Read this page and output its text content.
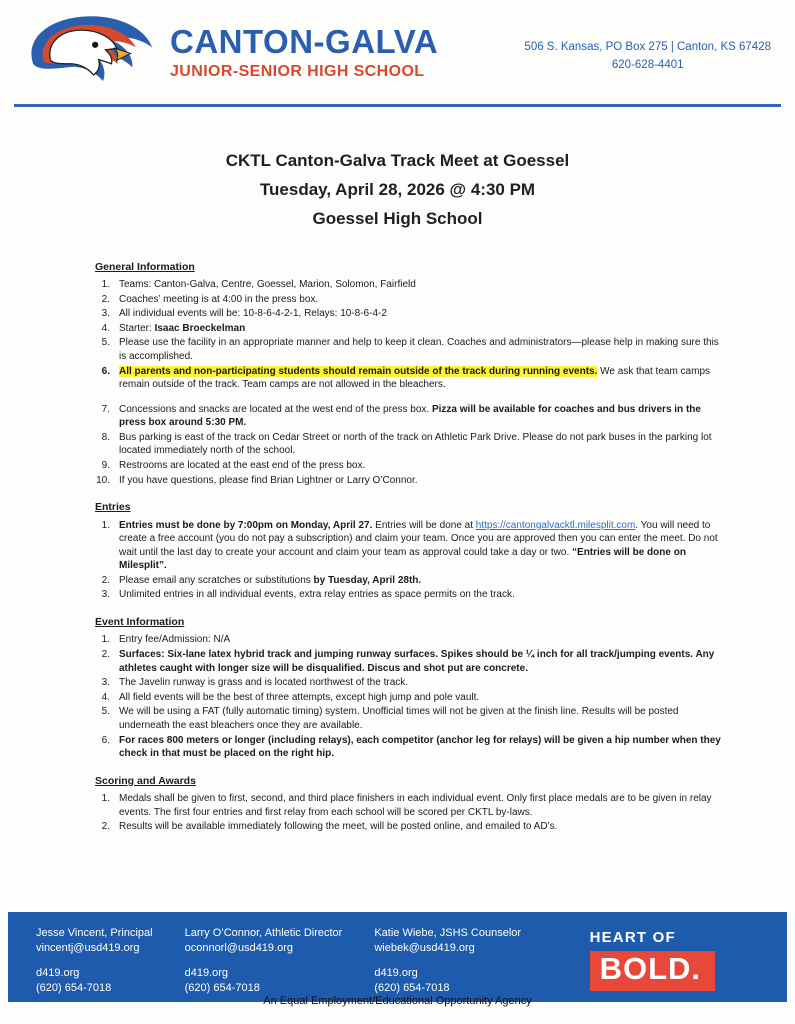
CANTON-GALVA
JUNIOR-SENIOR HIGH SCHOOL
506 S. Kansas, PO Box 275 | Canton, KS 67428
620-628-4401
CKTL Canton-Galva Track Meet at Goessel
Tuesday, April 28, 2026 @ 4:30 PM
Goessel High School
General Information
1. Teams: Canton-Galva, Centre, Goessel, Marion, Solomon, Fairfield
2. Coaches’ meeting is at 4:00 in the press box.
3. All individual events will be: 10-8-6-4-2-1, Relays: 10-8-6-4-2
4. Starter: Isaac Broeckelman
5. Please use the facility in an appropriate manner and help to keep it clean. Coaches and administrators—please help in making sure this is accomplished.
6. All parents and non-participating students should remain outside of the track during running events. We ask that team camps remain outside of the track. Team camps are not allowed in the bleachers.
7. Concessions and snacks are located at the west end of the press box. Pizza will be available for coaches and bus drivers in the press box around 5:30 PM.
8. Bus parking is east of the track on Cedar Street or north of the track on Athletic Park Drive. Please do not park buses in the parking lot located immediately north of the school.
9. Restrooms are located at the east end of the press box.
10. If you have questions, please find Brian Lightner or Larry O’Connor.
Entries
1. Entries must be done by 7:00pm on Monday, April 27. Entries will be done at https://cantongalvacktl.milesplit.com. You will need to create a free account (you do not pay a subscription) and claim your team. Once you are approved then you can enter the meet. Do not wait until the last day to create your account and claim your team as approval could take a day or two. “Entries will be done on Milesplit”.
2. Please email any scratches or substitutions by Tuesday, April 28th.
3. Unlimited entries in all individual events, extra relay entries as space permits on the track.
Event Information
1. Entry fee/Admission: N/A
2. Surfaces: Six-lane latex hybrid track and jumping runway surfaces. Spikes should be ¼ inch for all track/jumping events. Any athletes caught with longer size will be disqualified. Discus and shot put are concrete.
3. The Javelin runway is grass and is located northwest of the track.
4. All field events will be the best of three attempts, except high jump and pole vault.
5. We will be using a FAT (fully automatic timing) system. Unofficial times will not be given at the finish line. Results will be posted underneath the east bleachers once they are available.
6. For races 800 meters or longer (including relays), each competitor (anchor leg for relays) will be given a hip number when they check in that must be placed on the right hip.
Scoring and Awards
1. Medals shall be given to first, second, and third place finishers in each individual event. Only first place medals are to be given in relay events. The first four entries and first relay from each school will be scored per CKTL by-laws.
2. Results will be available immediately following the meet, will be posted online, and emailed to AD’s.
Jesse Vincent, Principal
vincentj@usd419.org
d419.org
(620) 654-7018
Larry O’Connor, Athletic Director
oconnorl@usd419.org
d419.org
(620) 654-7018
Katie Wiebe, JSHS Counselor
wiebek@usd419.org
d419.org
(620) 654-7018
HEART OF
BOLD.
An Equal Employment/Educational Opportunity Agency
